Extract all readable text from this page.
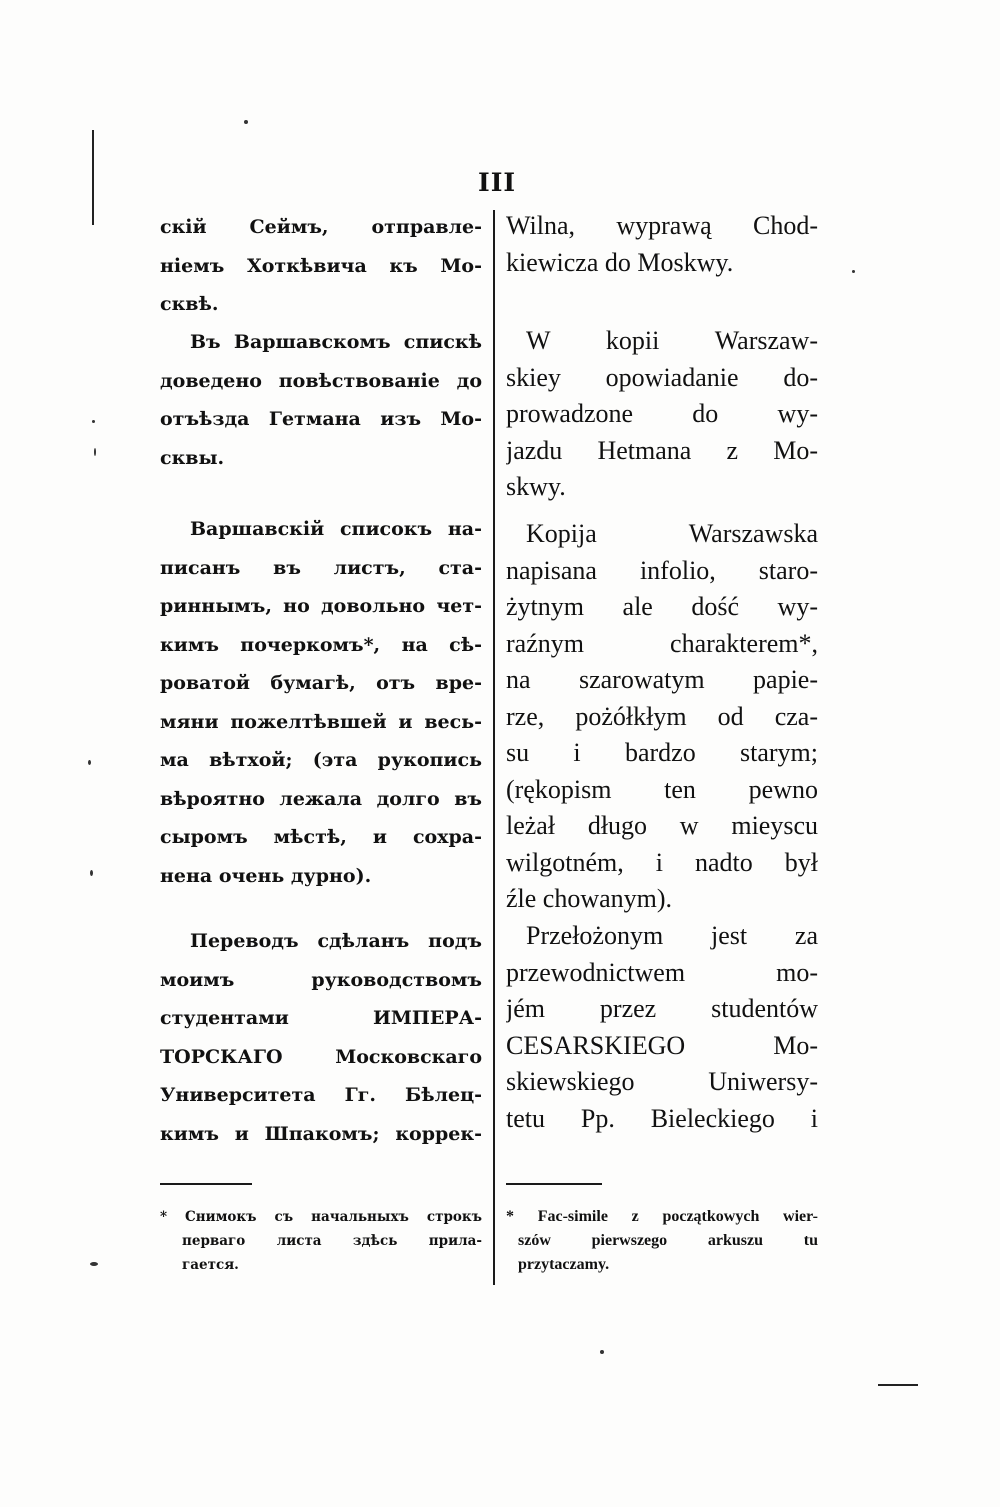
III
скій Сеймъ, отправле-
ніемъ Хоткѣвича къ Мо-
сквѣ.
Въ Варшавскомъ спискѣ
доведено повѣствованіе до
отъѣзда Гетмана изъ Мо-
сквы.
Варшавскій списокъ на-
писанъ въ листъ, ста-
риннымъ, но довольно чет-
кимъ почеркомъ*, на сѣ-
роватой бумагѣ, отъ вре-
мяни пожелтѣвшей и весь-
ма вѣтхой; (эта рукопись
вѣроятно лежала долго въ
сыромъ мѣстѣ, и сохра-
нена очень дурно).
Переводъ сдѣланъ подъ
моимъ руководствомъ
студентами ИМПЕРА-
ТОРСКАГО Московскаго
Университета Гг. Бѣлец-
кимъ и Шпакомъ; коррек-
Wilna, wyprawą Chod-
kiewicza do Moskwy.
W kopii Warszaw-
skiey opowiadanie do-
prowadzone do wy-
jazdu Hetmana z Mo-
skwy.
Kopija Warszawska
napisana infolio, staro-
żytnym ale dość wy-
raźnym charakterem*,
na szarowatym papie-
rze, pożółkłym od cza-
su i bardzo starym;
(rękopism ten pewno
leżał długo w mieyscu
wilgotném, i nadto był
źle chowanym).
Przełożonym jest za
przewodnictwem mo-
jém przez studentów
CESARSKIEGO Mo-
skiewskiego Uniwersy-
tetu Pp. Bieleckiego i
* Снимокъ съ начальныхъ строкъ
перваго листа здѣсь прила-
гается.
* Fac-simile z początkowych wier-
szów pierwszego arkuszu tu
przytaczamy.
